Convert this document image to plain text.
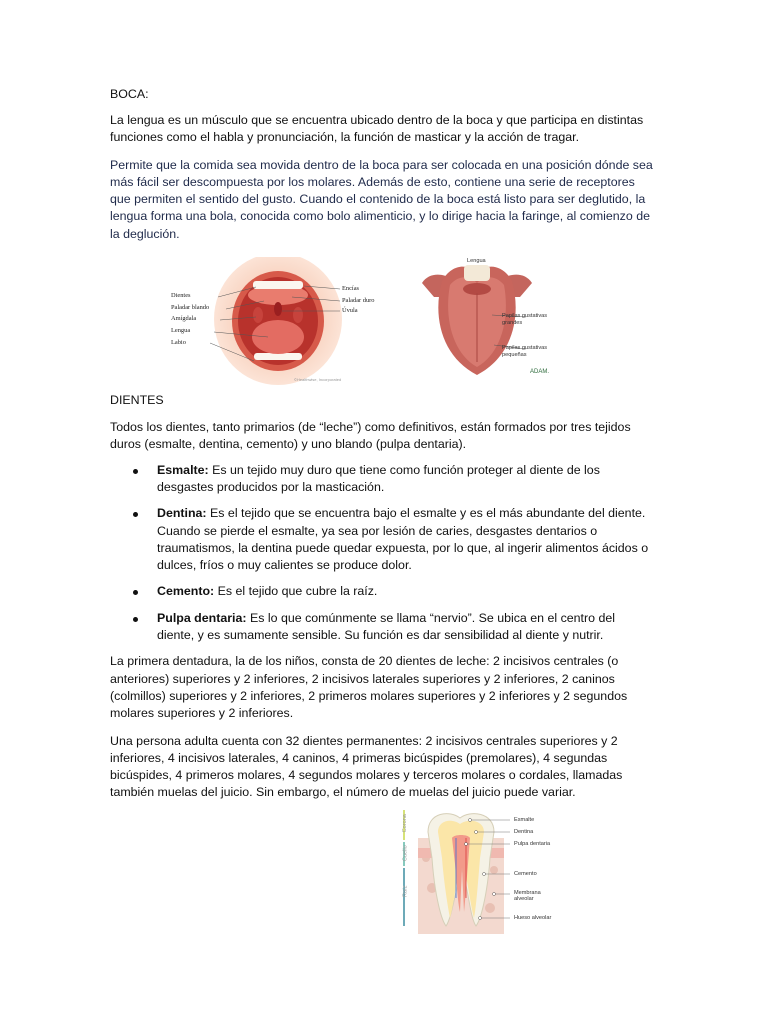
BOCA:

La lengua es un músculo que se encuentra ubicado dentro de la boca y que participa en distintas funciones como el habla y pronunciación, la función de masticar y la acción de tragar.

Permite que la comida sea movida dentro de la boca para ser colocada en una posición dónde sea más fácil ser descompuesta por los molares. Además de esto, contiene una serie de receptores que permiten el sentido del gusto. Cuando el contenido de la boca está listo para ser deglutido, la lengua forma una bola, conocida como bolo alimenticio, y lo dirige hacia la faringe, al comienzo de la deglución.

Dientes
Paladar blando
Amígdala
Lengua
Labio
Encías
Paladar duro
Úvula
©Healthwise, Incorporated
Lengua
Papilas gustativas grandes
Papilas gustativas pequeñas
ADAM.

DIENTES

Todos los dientes, tanto primarios (de “leche”) como definitivos, están formados por tres tejidos duros (esmalte, dentina, cemento) y uno blando (pulpa dentaria).

Esmalte: Es un tejido muy duro que tiene como función proteger al diente de los desgastes producidos por la masticación.
Dentina: Es el tejido que se encuentra bajo el esmalte y es el más abundante del diente. Cuando se pierde el esmalte, ya sea por lesión de caries, desgastes dentarios o traumatismos, la dentina puede quedar expuesta, por lo que, al ingerir alimentos ácidos o dulces, fríos o muy calientes se produce dolor.
Cemento: Es el tejido que cubre la raíz.
Pulpa dentaria: Es lo que comúnmente se llama “nervio”. Se ubica en el centro del diente, y es sumamente sensible. Su función es dar sensibilidad al diente y nutrir.

La primera dentadura, la de los niños, consta de 20 dientes de leche: 2 incisivos centrales (o anteriores) superiores y 2 inferiores, 2 incisivos laterales superiores y 2 inferiores, 2 caninos (colmillos) superiores y 2 inferiores, 2 primeros molares superiores y 2 inferiores y 2 segundos molares superiores y 2 inferiores.

Una persona adulta cuenta con 32 dientes permanentes: 2 incisivos centrales superiores y 2 inferiores, 4 incisivos laterales, 4 caninos, 4 primeras bicúspides (premolares), 4 segundas bicúspides, 4 primeros molares, 4 segundos molares y terceros molares o cordales, llamadas también muelas del juicio. Sin embargo, el número de muelas del juicio puede variar.

Corona
Cuello
Raíz
Esmalte
Dentina
Pulpa dentaria
Cemento
Membrana alveolar
Hueso alveolar
